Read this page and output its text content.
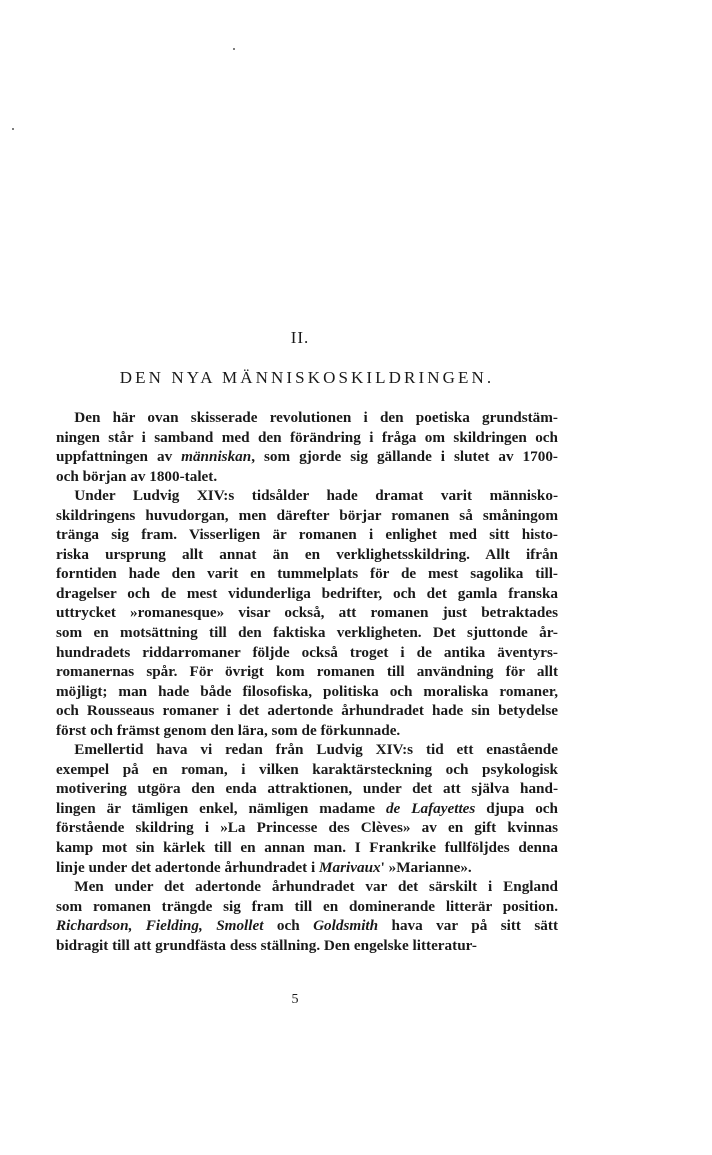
II.
DEN NYA MÄNNISKOSKILDRINGEN.
Den här ovan skisserade revolutionen i den poetiska grundstäm-
ningen står i samband med den förändring i fråga om skildringen och
uppfattningen av människan, som gjorde sig gällande i slutet av 1700-
och början av 1800-talet.
Under Ludvig XIV:s tidsålder hade dramat varit människo-
skildringens huvudorgan, men därefter börjar romanen så småningom
tränga sig fram. Visserligen är romanen i enlighet med sitt histo-
riska ursprung allt annat än en verklighetsskildring. Allt ifrån
forntiden hade den varit en tummelplats för de mest sagolika till-
dragelser och de mest vidunderliga bedrifter, och det gamla franska
uttrycket »romanesque» visar också, att romanen just betraktades
som en motsättning till den faktiska verkligheten. Det sjuttonde år-
hundradets riddarromaner följde också troget i de antika äventyrs-
romanernas spår. För övrigt kom romanen till användning för allt
möjligt; man hade både filosofiska, politiska och moraliska romaner,
och Rousseaus romaner i det adertonde århundradet hade sin betydelse
först och främst genom den lära, som de förkunnade.
Emellertid hava vi redan från Ludvig XIV:s tid ett enastående
exempel på en roman, i vilken karaktärsteckning och psykologisk
motivering utgöra den enda attraktionen, under det att själva hand-
lingen är tämligen enkel, nämligen madame de Lafayettes djupa och
förstående skildring i »La Princesse des Clèves» av en gift kvinnas
kamp mot sin kärlek till en annan man. I Frankrike fullföljdes denna
linje under det adertonde århundradet i Marivaux' »Marianne».
Men under det adertonde århundradet var det särskilt i England
som romanen trängde sig fram till en dominerande litterär position.
Richardson, Fielding, Smollet och Goldsmith hava var på sitt sätt
bidragit till att grundfästa dess ställning. Den engelske litteratur-
5
